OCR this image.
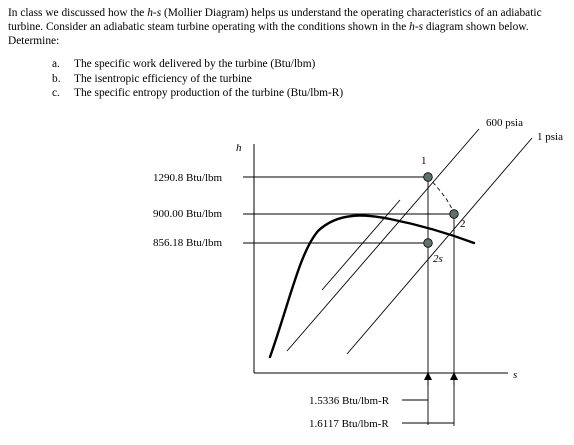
In class we discussed how the h-s (Mollier Diagram) helps us understand the operating characteristics of an adiabatic turbine. Consider an adiabatic steam turbine operating with the conditions shown in the h-s diagram shown below. Determine:

a.	The specific work delivered by the turbine (Btu/lbm)
b.	The isentropic efficiency of the turbine
c.	The specific entropy production of the turbine (Btu/lbm-R)
h
s
1290.8 Btu/lbm
900.00 Btu/lbm
856.18 Btu/lbm
600 psia
1 psia
1.5336 Btu/lbm-R
1.6117 Btu/lbm-R
1
2
2s
